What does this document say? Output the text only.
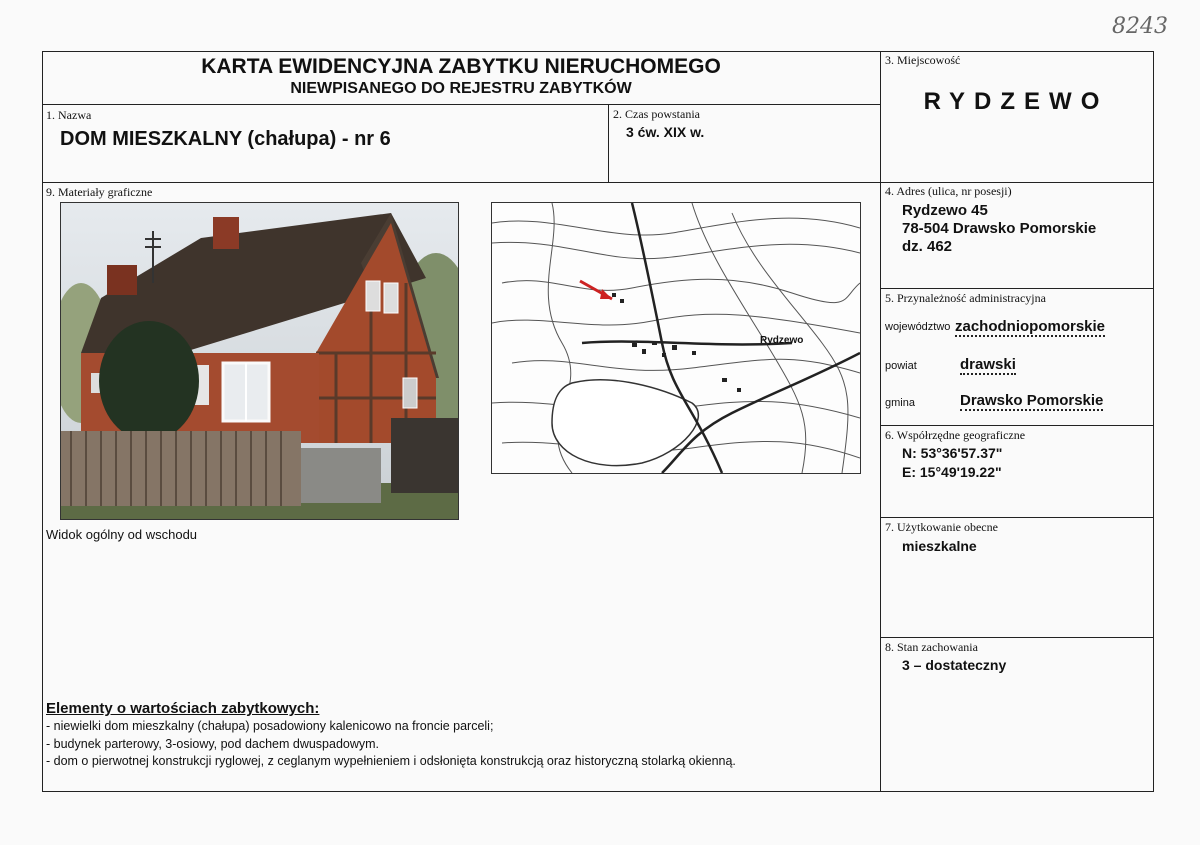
8243
KARTA EWIDENCYJNA ZABYTKU NIERUCHOMEGO
NIEWPISANEGO DO REJESTRU ZABYTKÓW
1. Nazwa
DOM MIESZKALNY (chałupa) - nr 6
2. Czas powstania
3 ćw. XIX w.
3. Miejscowość
RYDZEWO
4. Adres (ulica, nr posesji)
Rydzewo 45
78-504 Drawsko Pomorskie
dz. 462
5. Przynależność administracyjna
województwo zachodniopomorskie
powiat	drawski
gmina	Drawsko Pomorskie
6. Współrzędne geograficzne
N: 53°36'57.37"
E: 15°49'19.22"
7. Użytkowanie obecne
mieszkalne
8. Stan zachowania
3 – dostateczny
9. Materiały graficzne
Widok ogólny od wschodu
Rydzewo
Elementy o wartościach zabytkowych:
- niewielki dom mieszkalny (chałupa) posadowiony kalenicowo na froncie parceli;
- budynek parterowy, 3-osiowy, pod dachem dwuspadowym.
- dom o pierwotnej konstrukcji ryglowej, z ceglanym wypełnieniem i odsłonięta konstrukcją oraz historyczną stolarką okienną.
